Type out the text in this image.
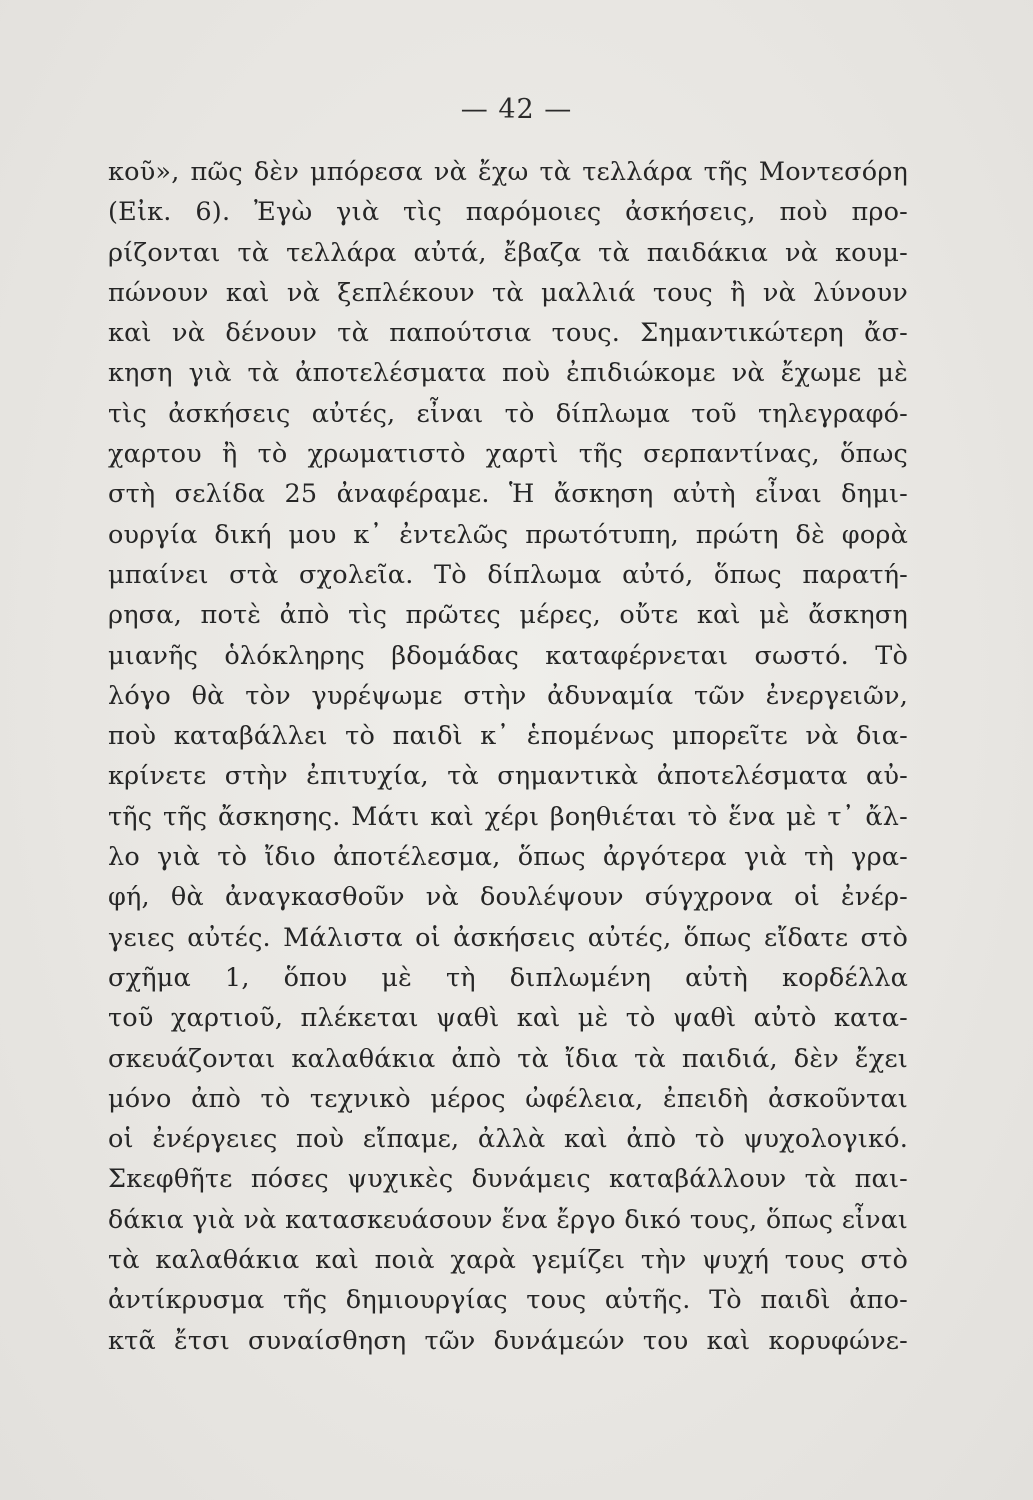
— 42 —
κοῦ», πῶς δὲν μπόρεσα νὰ ἔχω τὰ τελλάρα τῆς Μοντεσόρη
(Εἰκ. 6). Ἐγὼ γιὰ τὶς παρόμοιες ἀσκήσεις, ποὺ προ-
ρίζονται τὰ τελλάρα αὐτά, ἔβαζα τὰ παιδάκια νὰ κουμ-
πώνουν καὶ νὰ ξεπλέκουν τὰ μαλλιά τους ἢ νὰ λύνουν
καὶ νὰ δένουν τὰ παπούτσια τους. Σημαντικώτερη ἄσ-
κηση γιὰ τὰ ἀποτελέσματα ποὺ ἐπιδιώκομε νὰ ἔχωμε μὲ
τὶς ἀσκήσεις αὐτές, εἶναι τὸ δίπλωμα τοῦ τηλεγραφό-
χαρτου ἢ τὸ χρωματιστὸ χαρτὶ τῆς σερπαντίνας, ὅπως
στὴ σελίδα 25 ἀναφέραμε. Ἡ ἄσκηση αὐτὴ εἶναι δημι-
ουργία δική μου κ᾽ ἐντελῶς πρωτότυπη, πρώτη δὲ φορὰ
μπαίνει στὰ σχολεῖα. Τὸ δίπλωμα αὐτό, ὅπως παρατή-
ρησα, ποτὲ ἀπὸ τὶς πρῶτες μέρες, οὔτε καὶ μὲ ἄσκηση
μιανῆς ὁλόκληρης βδομάδας καταφέρνεται σωστό. Τὸ
λόγο θὰ τὸν γυρέψωμε στὴν ἀδυναμία τῶν ἐνεργειῶν,
ποὺ καταβάλλει τὸ παιδὶ κ᾽ ἑπομένως μπορεῖτε νὰ δια-
κρίνετε στὴν ἐπιτυχία, τὰ σημαντικὰ ἀποτελέσματα αὐ-
τῆς τῆς ἄσκησης. Μάτι καὶ χέρι βοηθιέται τὸ ἕνα μὲ τ᾽ ἄλ-
λο γιὰ τὸ ἴδιο ἀποτέλεσμα, ὅπως ἀργότερα γιὰ τὴ γρα-
φή, θὰ ἀναγκασθοῦν νὰ δουλέψουν σύγχρονα οἱ ἐνέρ-
γειες αὐτές. Μάλιστα οἱ ἀσκήσεις αὐτές, ὅπως εἴδατε στὸ
σχῆμα 1, ὅπου μὲ τὴ διπλωμένη αὐτὴ κορδέλλα
τοῦ χαρτιοῦ, πλέκεται ψαθὶ καὶ μὲ τὸ ψαθὶ αὐτὸ κατα-
σκευάζονται καλαθάκια ἀπὸ τὰ ἴδια τὰ παιδιά, δὲν ἔχει
μόνο ἀπὸ τὸ τεχνικὸ μέρος ὠφέλεια, ἐπειδὴ ἀσκοῦνται
οἱ ἐνέργειες ποὺ εἴπαμε, ἀλλὰ καὶ ἀπὸ τὸ ψυχολογικό.
Σκεφθῆτε πόσες ψυχικὲς δυνάμεις καταβάλλουν τὰ παι-
δάκια γιὰ νὰ κατασκευάσουν ἕνα ἔργο δικό τους, ὅπως εἶναι
τὰ καλαθάκια καὶ ποιὰ χαρὰ γεμίζει τὴν ψυχή τους στὸ
ἀντίκρυσμα τῆς δημιουργίας τους αὐτῆς. Τὸ παιδὶ ἀπο-
κτᾶ ἔτσι συναίσθηση τῶν δυνάμεών του καὶ κορυφώνε-
